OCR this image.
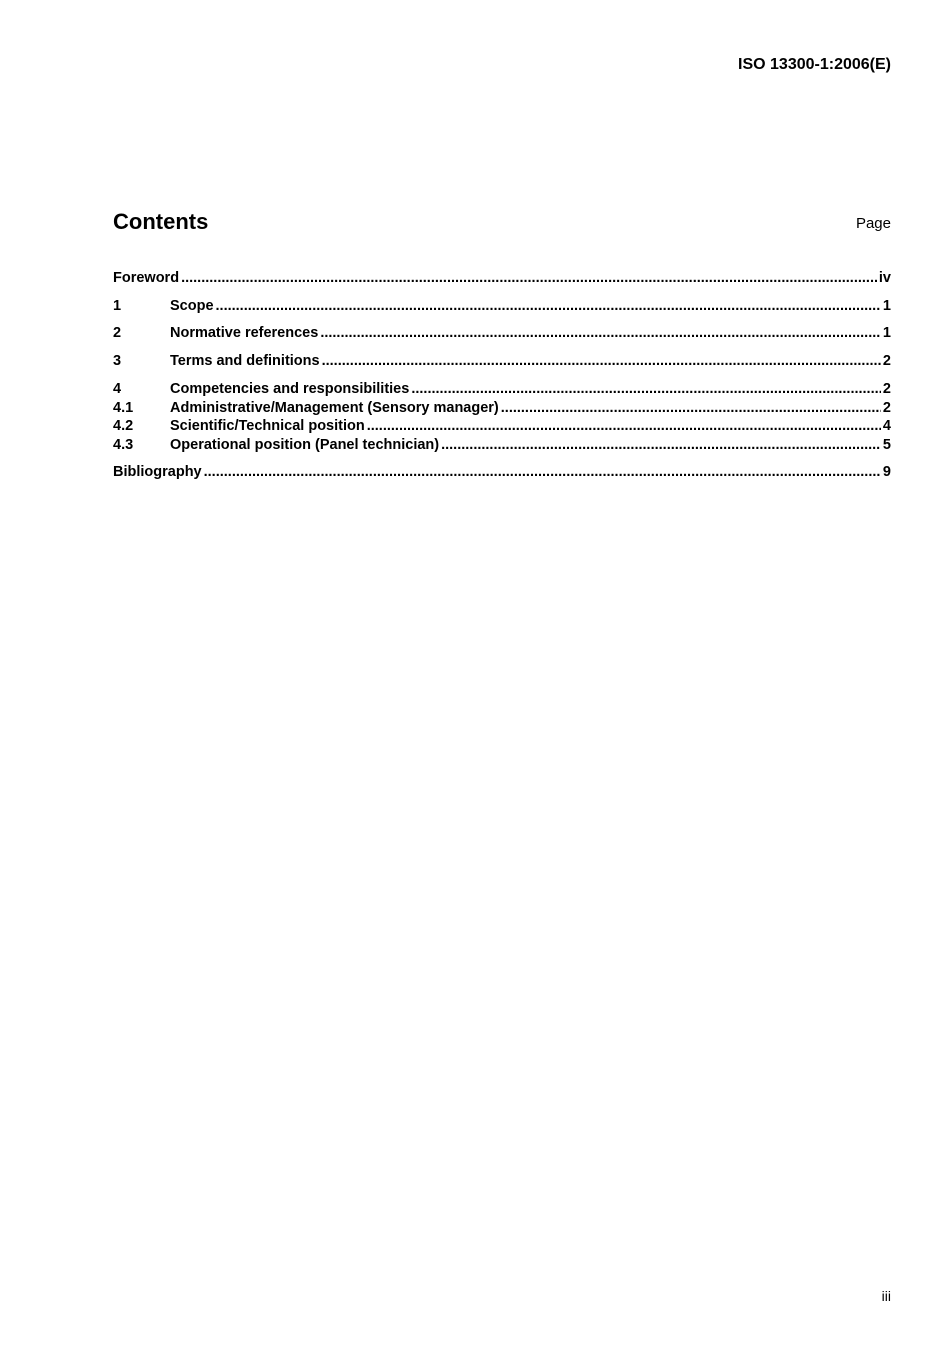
ISO 13300-1:2006(E)
Contents	Page
Foreword .....	iv
1	Scope .....	1
2	Normative references .....	1
3	Terms and definitions .....	2
4	Competencies and responsibilities .....	2
4.1	Administrative/Management (Sensory manager) .....	2
4.2	Scientific/Technical position .....	4
4.3	Operational position (Panel technician) .....	5
Bibliography .....	9
iii
